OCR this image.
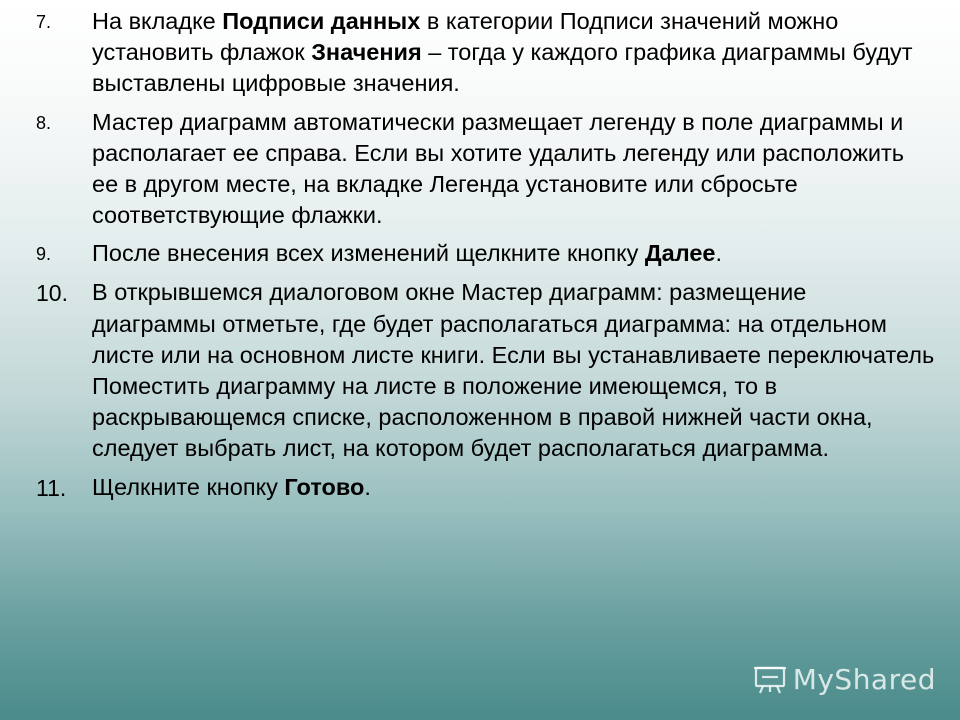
7.	На вкладке Подписи данных в категории Подписи значений можно установить флажок Значения – тогда у каждого графика диаграммы будут выставлены цифровые значения.
8.	Мастер диаграмм автоматически размещает легенду в поле диаграммы и располагает ее справа. Если вы хотите удалить легенду или расположить ее в другом месте, на вкладке Легенда установите или сбросьте соответствующие флажки.
9.	После внесения всех изменений щелкните кнопку Далее.
10.	В открывшемся диалоговом окне Мастер диаграмм: размещение диаграммы отметьте, где будет располагаться диаграмма: на отдельном листе или на основном листе книги. Если вы устанавливаете переключатель Поместить диаграмму на листе в положение имеющемся, то в раскрывающемся списке, расположенном в правой нижней части окна, следует выбрать лист, на котором будет располагаться диаграмма.
11.	Щелкните кнопку Готово.
MyShared
